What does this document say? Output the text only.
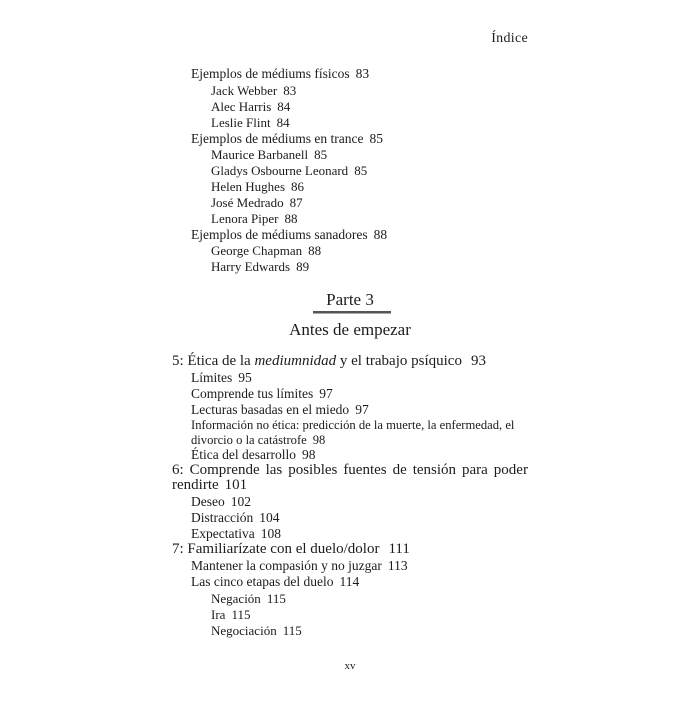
Índice
Ejemplos de médiums físicos 83
Jack Webber 83
Alec Harris 84
Leslie Flint 84
Ejemplos de médiums en trance 85
Maurice Barbanell 85
Gladys Osbourne Leonard 85
Helen Hughes 86
José Medrado 87
Lenora Piper 88
Ejemplos de médiums sanadores 88
George Chapman 88
Harry Edwards 89
Parte 3
Antes de empezar
5: Ética de la mediumnidad y el trabajo psíquico 93
Límites 95
Comprende tus límites 97
Lecturas basadas en el miedo 97
Información no ética: predicción de la muerte, la enfermedad, el
divorcio o la catástrofe 98
Ética del desarrollo 98
6: Comprende las posibles fuentes de tensión para poder
rendirte 101
Deseo 102
Distracción 104
Expectativa 108
7: Familiarízate con el duelo/dolor 111
Mantener la compasión y no juzgar 113
Las cinco etapas del duelo 114
Negación 115
Ira 115
Negociación 115
xv
